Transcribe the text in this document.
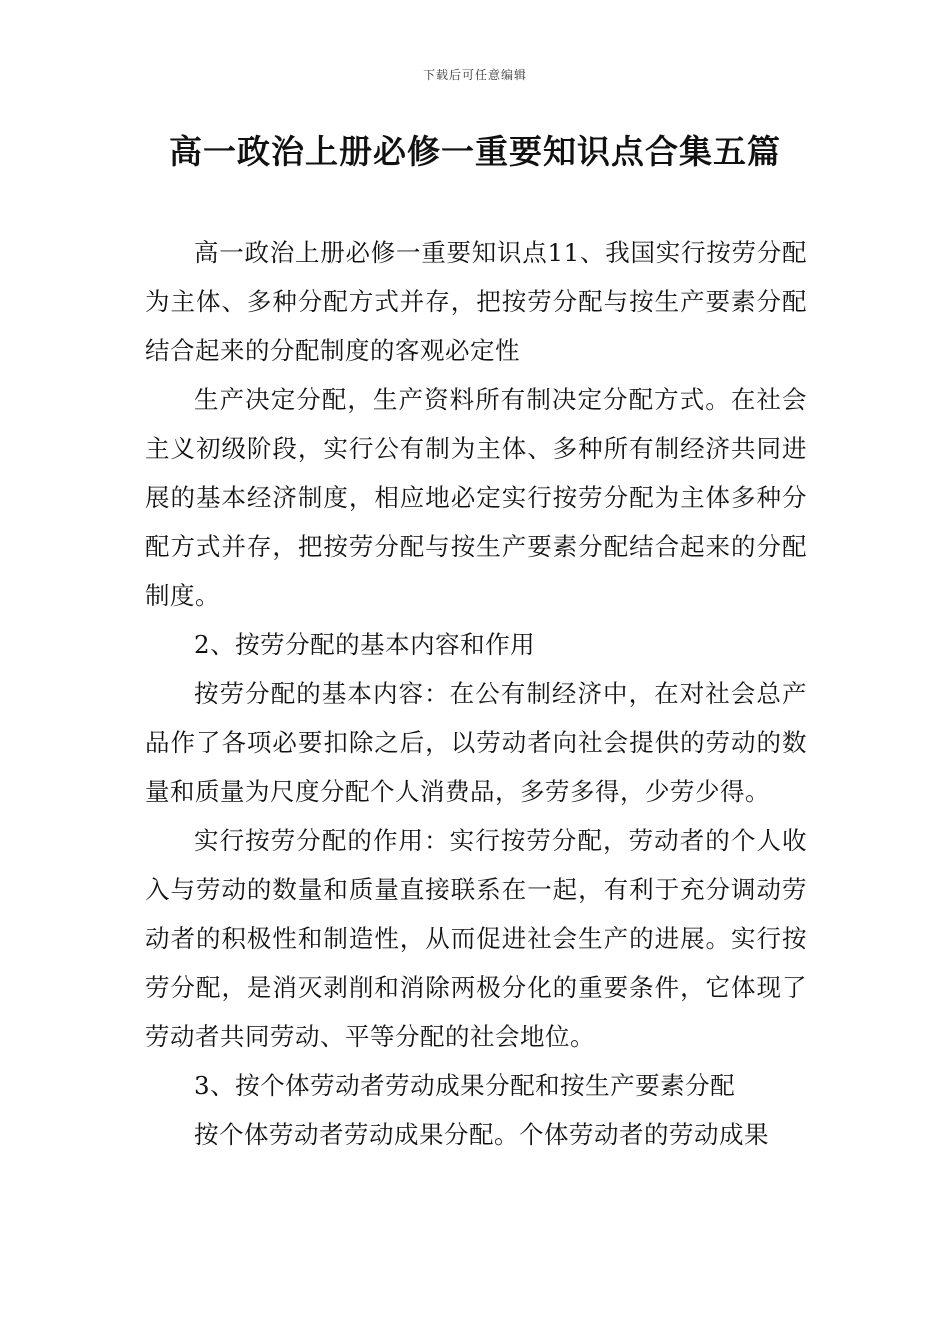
下载后可任意编辑
高一政治上册必修一重要知识点合集五篇

高一政治上册必修一重要知识点11、我国实行按劳分配为主体、多种分配方式并存，把按劳分配与按生产要素分配结合起来的分配制度的客观必定性

生产决定分配，生产资料所有制决定分配方式。在社会主义初级阶段，实行公有制为主体、多种所有制经济共同进展的基本经济制度，相应地必定实行按劳分配为主体多种分配方式并存，把按劳分配与按生产要素分配结合起来的分配制度。

2、按劳分配的基本内容和作用

按劳分配的基本内容：在公有制经济中，在对社会总产品作了各项必要扣除之后，以劳动者向社会提供的劳动的数量和质量为尺度分配个人消费品，多劳多得，少劳少得。

实行按劳分配的作用：实行按劳分配，劳动者的个人收入与劳动的数量和质量直接联系在一起，有利于充分调动劳动者的积极性和制造性，从而促进社会生产的进展。实行按劳分配，是消灭剥削和消除两极分化的重要条件，它体现了劳动者共同劳动、平等分配的社会地位。

3、按个体劳动者劳动成果分配和按生产要素分配

按个体劳动者劳动成果分配。个体劳动者的劳动成果
